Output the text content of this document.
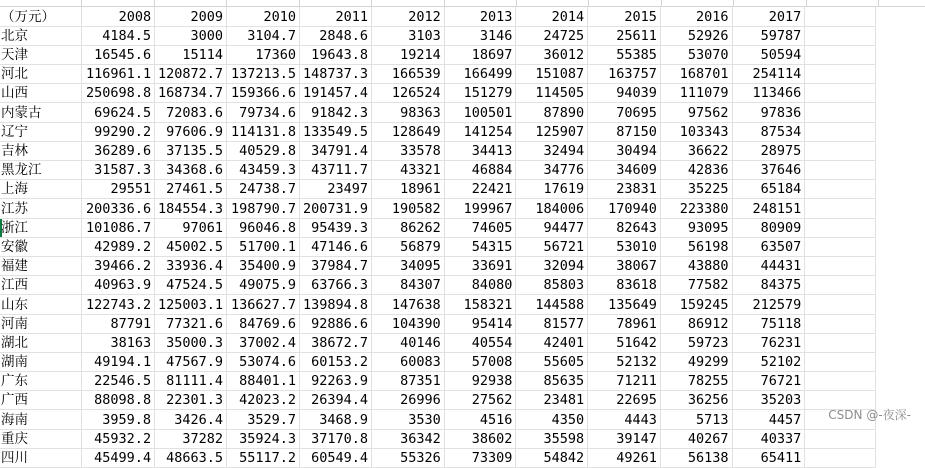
（万元）	2008	2009	2010	2011	2012	2013	2014	2015	2016	2017	
北京	4184.5	3000	3104.7	2848.6	3103	3146	24725	25611	52926	59787	
天津	16545.6	15114	17360	19643.8	19214	18697	36012	55385	53070	50594	
河北	116961.1	120872.7	137213.5	148737.3	166539	166499	151087	163757	168701	254114	
山西	250698.8	168734.7	159366.6	191457.4	126524	151279	114505	94039	111079	113466	
内蒙古	69624.5	72083.6	79734.6	91842.3	98363	100501	87890	70695	97562	97836	
辽宁	99290.2	97606.9	114131.8	133549.5	128649	141254	125907	87150	103343	87534	
吉林	36289.6	37135.5	40529.8	34791.4	33578	34413	32494	30494	36622	28975	
黑龙江	31587.3	34368.6	43459.3	43711.7	43321	46884	34776	34609	42836	37646	
上海	29551	27461.5	24738.7	23497	18961	22421	17619	23831	35225	65184	
江苏	200336.6	184554.3	198790.7	200731.9	190582	199967	184006	170940	223380	248151	
浙江	101086.7	97061	96046.8	95439.3	86262	74605	94477	82643	93095	80909	
安徽	42989.2	45002.5	51700.1	47146.6	56879	54315	56721	53010	56198	63507	
福建	39466.2	33936.4	35400.9	37984.7	34095	33691	32094	38067	43880	44431	
江西	40963.9	47524.5	49075.9	63766.3	84307	84080	85803	83618	77582	84375	
山东	122743.2	125003.1	136627.7	139894.8	147638	158321	144588	135649	159245	212579	
河南	87791	77321.6	84769.6	92886.6	104390	95414	81577	78961	86912	75118	
湖北	38163	35000.3	37002.4	38672.7	40146	40554	42401	51642	59723	76231	
湖南	49194.1	47567.9	53074.6	60153.2	60083	57008	55605	52132	49299	52102	
广东	22546.5	81111.4	88401.1	92263.9	87351	92938	85635	71211	78255	76721	
广西	88098.8	22301.3	42023.2	26394.4	26996	27562	23481	22695	36256	35203	
海南	3959.8	3426.4	3529.7	3468.9	3530	4516	4350	4443	5713	4457	
重庆	45932.2	37282	35924.3	37170.8	36342	38602	35598	39147	40267	40337	
四川	45499.4	48663.5	55117.2	60549.4	55326	73309	54842	49261	56138	65411	
CSDN @-夜深-
